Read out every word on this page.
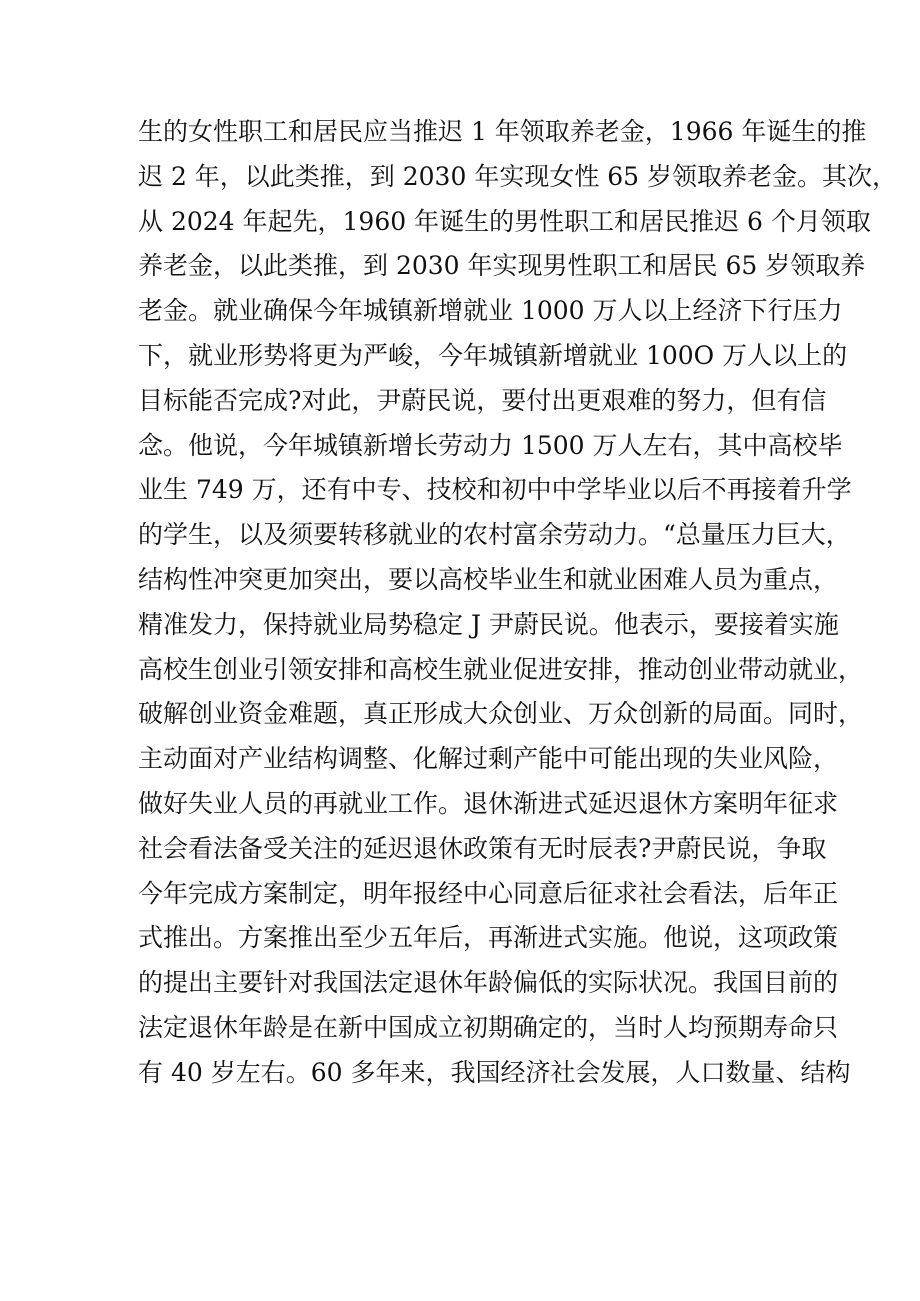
生的女性职工和居民应当推迟 1 年领取养老金，1966 年诞生的推
迟 2 年，以此类推，到 2030 年实现女性 65 岁领取养老金。其次，
从 2024 年起先，1960 年诞生的男性职工和居民推迟 6 个月领取
养老金，以此类推，到 2030 年实现男性职工和居民 65 岁领取养
老金。就业确保今年城镇新增就业 1000 万人以上经济下行压力
下，就业形势将更为严峻，今年城镇新增就业 100O 万人以上的
目标能否完成?对此，尹蔚民说，要付出更艰难的努力，但有信
念。他说，今年城镇新增长劳动力 1500 万人左右，其中高校毕
业生 749 万，还有中专、技校和初中中学毕业以后不再接着升学
的学生，以及须要转移就业的农村富余劳动力。“总量压力巨大，
结构性冲突更加突出，要以高校毕业生和就业困难人员为重点，
精准发力，保持就业局势稳定 J 尹蔚民说。他表示，要接着实施
高校生创业引领安排和高校生就业促进安排，推动创业带动就业，
破解创业资金难题，真正形成大众创业、万众创新的局面。同时，
主动面对产业结构调整、化解过剩产能中可能出现的失业风险，
做好失业人员的再就业工作。退休渐进式延迟退休方案明年征求
社会看法备受关注的延迟退休政策有无时辰表?尹蔚民说，争取
今年完成方案制定，明年报经中心同意后征求社会看法，后年正
式推出。方案推出至少五年后，再渐进式实施。他说，这项政策
的提出主要针对我国法定退休年龄偏低的实际状况。我国目前的
法定退休年龄是在新中国成立初期确定的，当时人均预期寿命只
有 40 岁左右。60 多年来，我国经济社会发展，人口数量、结构
